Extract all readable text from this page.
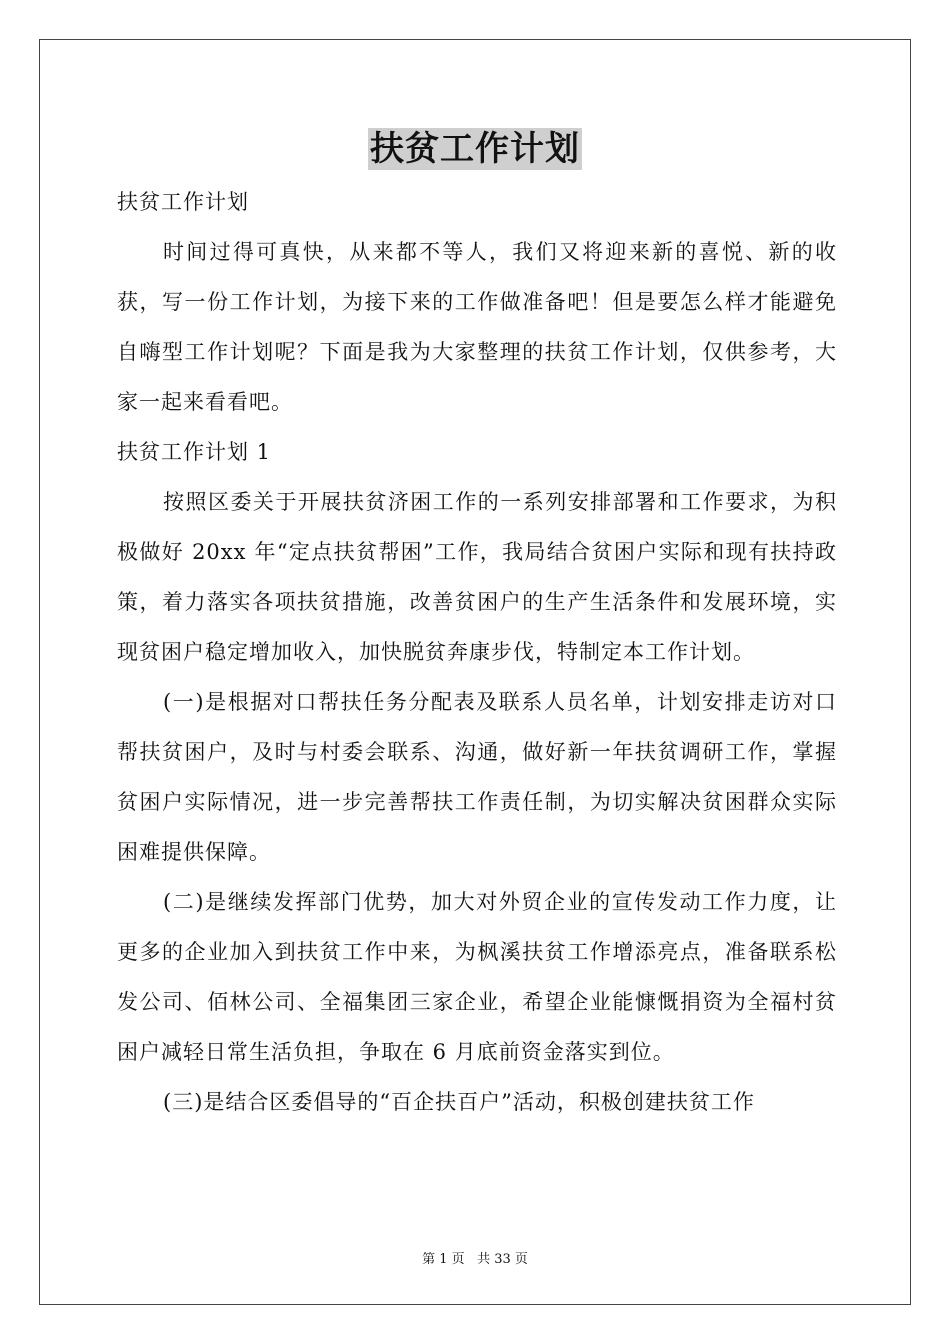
扶贫工作计划

扶贫工作计划

时间过得可真快，从来都不等人，我们又将迎来新的喜悦、新的收获，写一份工作计划，为接下来的工作做准备吧！但是要怎么样才能避免自嗨型工作计划呢？下面是我为大家整理的扶贫工作计划，仅供参考，大家一起来看看吧。

扶贫工作计划 1

按照区委关于开展扶贫济困工作的一系列安排部署和工作要求，为积极做好 20xx 年“定点扶贫帮困”工作，我局结合贫困户实际和现有扶持政策，着力落实各项扶贫措施，改善贫困户的生产生活条件和发展环境，实现贫困户稳定增加收入，加快脱贫奔康步伐，特制定本工作计划。

(一)是根据对口帮扶任务分配表及联系人员名单，计划安排走访对口帮扶贫困户，及时与村委会联系、沟通，做好新一年扶贫调研工作，掌握贫困户实际情况，进一步完善帮扶工作责任制，为切实解决贫困群众实际困难提供保障。

(二)是继续发挥部门优势，加大对外贸企业的宣传发动工作力度，让更多的企业加入到扶贫工作中来，为枫溪扶贫工作增添亮点，准备联系松发公司、佰林公司、全福集团三家企业，希望企业能慷慨捐资为全福村贫困户减轻日常生活负担，争取在 6 月底前资金落实到位。

(三)是结合区委倡导的“百企扶百户”活动，积极创建扶贫工作

第 1 页 共 33 页
